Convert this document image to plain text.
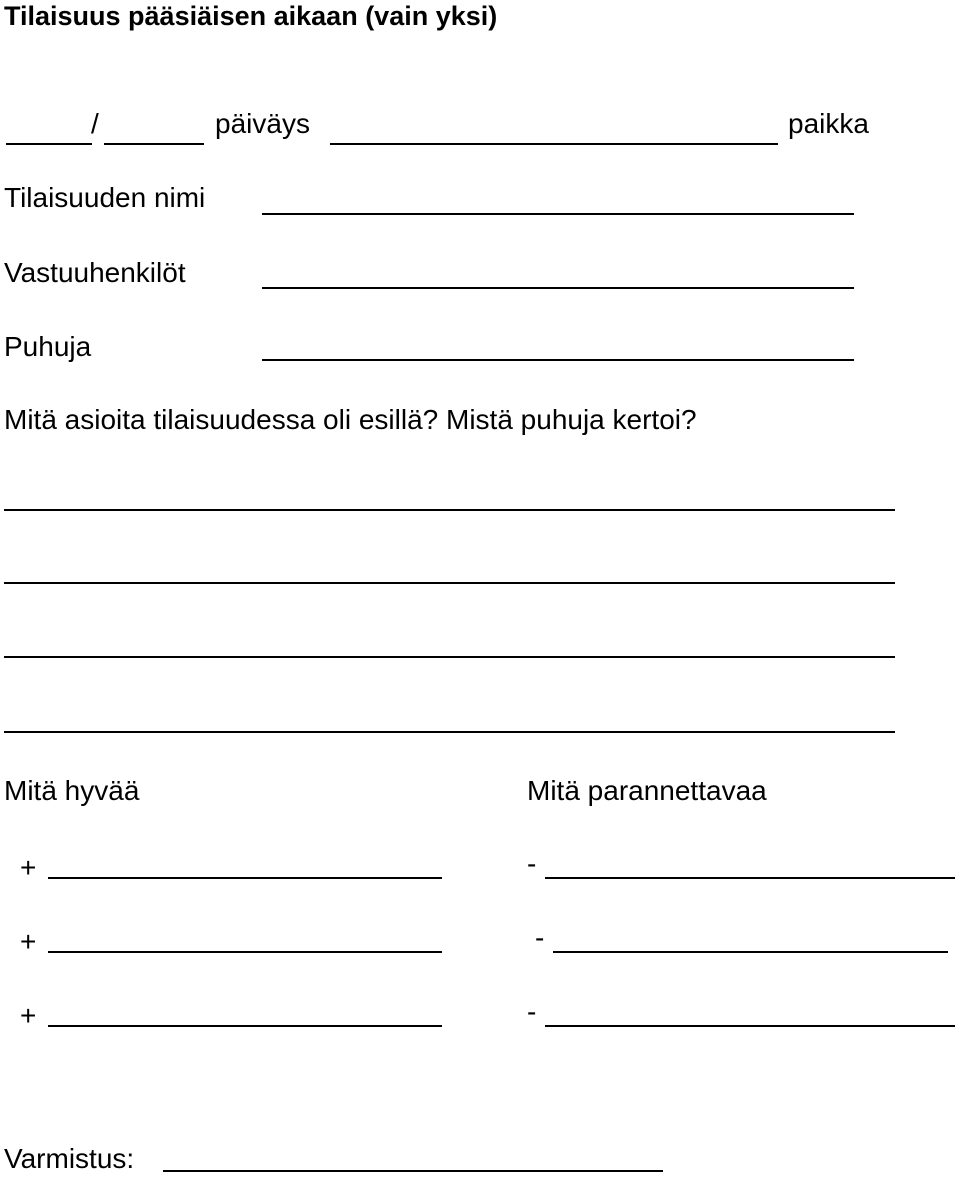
Tilaisuus pääsiäisen aikaan (vain yksi)
/	päiväys	paikka
Tilaisuuden nimi
Vastuuhenkilöt
Puhuja
Mitä asioita tilaisuudessa oli esillä? Mistä puhuja kertoi?
Mitä hyvää	Mitä parannettavaa
+
+
+
-
-
-
Varmistus:
